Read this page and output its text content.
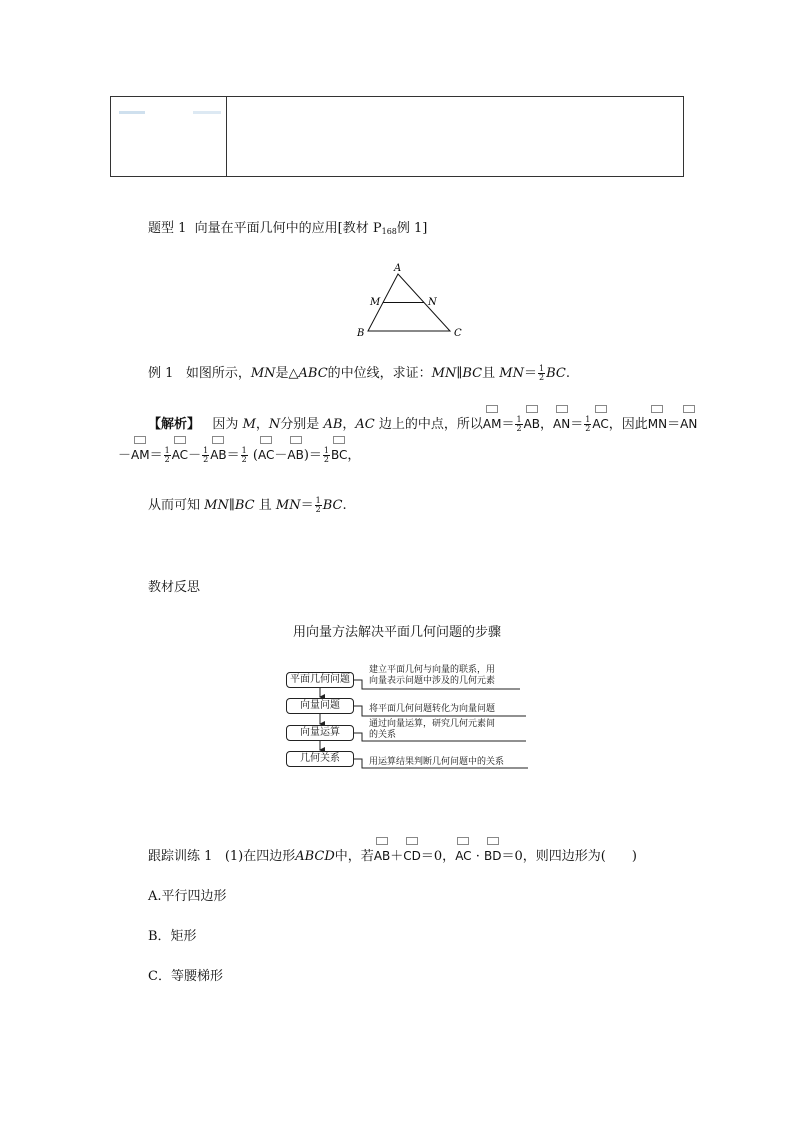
题型 1 向量在平面几何中的应用[教材 $P_{168}$例 1]
A
M	N
B	C
例 1 如图所示，MN是△ABC的中位线，求证：MN∥BC且 $MN= \frac{1}{2}$ BC.
【解析】 因为 M，N分别是 AB，AC 边上的中点，所以$AM= \frac{1}{2}$ AB，$AN= \frac{1}{2}$ AC，因此MN＝AN
$-AM= \frac{1}{2} AC- \frac{1}{2} AB= \frac{1}{2} (AC-AB)= \frac{1}{2}$ BC，
从而可知 MN∥BC 且 $MN= \frac{1}{2}$ BC.
教材反思
用向量方法解决平面几何问题的步骤
平面几何问题
向量问题
向量运算
几何关系
建立平面几何与向量的联系，用
向量表示问题中涉及的几何元素
将平面几何问题转化为向量问题
通过向量运算，研究几何元素间
的关系
用运算结果判断几何问题中的关系
跟踪训练 1 (1)在四边形ABCD中，若AB＋CD＝0，AC · BD＝0，则四边形为(　　)
A.平行四边形
B．矩形
C．等腰梯形
